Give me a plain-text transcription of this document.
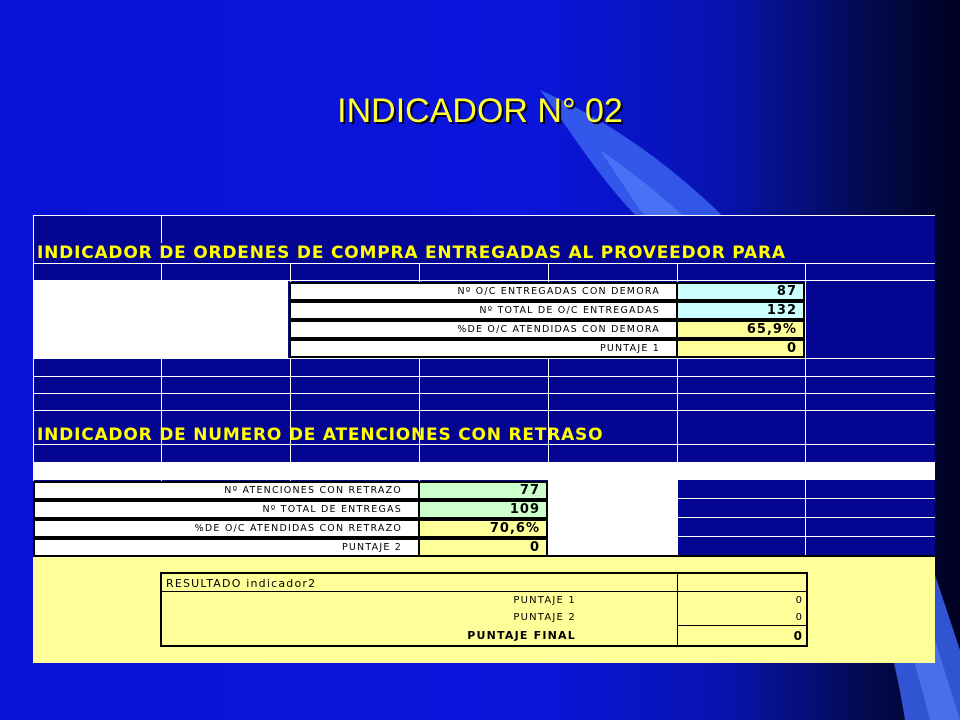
INDICADOR N° 02
INDICADOR DE ORDENES DE COMPRA ENTREGADAS AL PROVEEDOR PARA
Nº O/C ENTREGADAS CON DEMORA	87
Nº TOTAL DE O/C ENTREGADAS	132
%DE O/C ATENDIDAS CON DEMORA	65,9%
PUNTAJE 1	0
INDICADOR DE NUMERO DE ATENCIONES CON RETRASO
Nº ATENCIONES CON RETRAZO	77
Nº TOTAL DE ENTREGAS	109
%DE O/C ATENDIDAS CON RETRAZO	70,6%
PUNTAJE 2	0
RESULTADO indicador2
PUNTAJE 1	0
PUNTAJE 2	0
PUNTAJE FINAL	0
